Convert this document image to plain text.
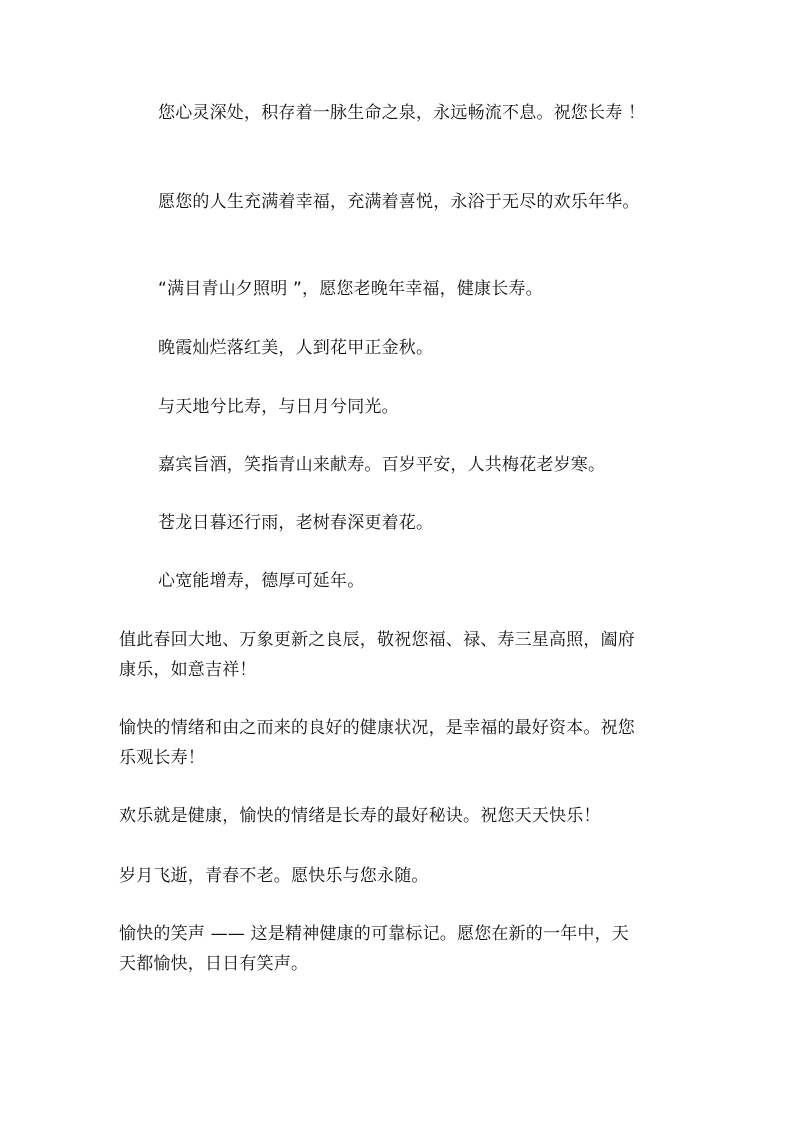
您心灵深处，积存着一脉生命之泉，永远畅流不息。祝您长寿 ！
愿您的人生充满着幸福，充满着喜悦，永浴于无尽的欢乐年华。
“满目青山夕照明 ”，愿您老晚年幸福，健康长寿。
晚霞灿烂落红美，人到花甲正金秋。
与天地兮比寿，与日月兮同光。
嘉宾旨酒，笑指青山来献寿。百岁平安，人共梅花老岁寒。
苍龙日暮还行雨，老树春深更着花。
心宽能增寿，德厚可延年。
值此春回大地、万象更新之良辰，敬祝您福、禄、寿三星高照，阖府
康乐，如意吉祥！
愉快的情绪和由之而来的良好的健康状况，是幸福的最好资本。祝您
乐观长寿！
欢乐就是健康，愉快的情绪是长寿的最好秘诀。祝您天天快乐！
岁月飞逝，青春不老。愿快乐与您永随。
愉快的笑声 —— 这是精神健康的可靠标记。愿您在新的一年中，天
天都愉快，日日有笑声。
